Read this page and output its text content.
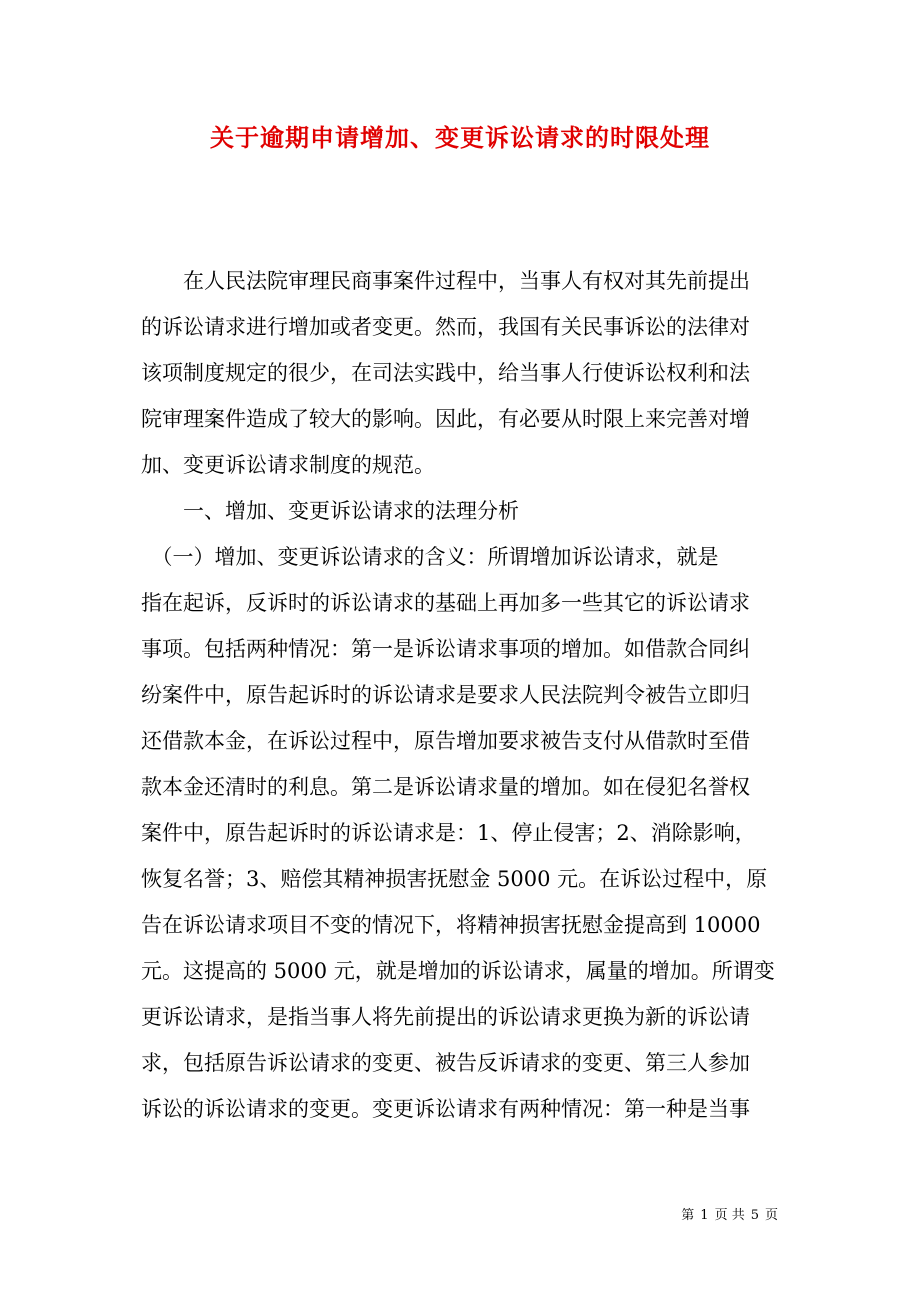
关于逾期申请增加、变更诉讼请求的时限处理
　　在人民法院审理民商事案件过程中，当事人有权对其先前提出
的诉讼请求进行增加或者变更。然而，我国有关民事诉讼的法律对
该项制度规定的很少，在司法实践中，给当事人行使诉讼权利和法
院审理案件造成了较大的影响。因此，有必要从时限上来完善对增
加、变更诉讼请求制度的规范。
　　一、增加、变更诉讼请求的法理分析
　（一）增加、变更诉讼请求的含义：所谓增加诉讼请求，就是
指在起诉，反诉时的诉讼请求的基础上再加多一些其它的诉讼请求
事项。包括两种情况：第一是诉讼请求事项的增加。如借款合同纠
纷案件中，原告起诉时的诉讼请求是要求人民法院判令被告立即归
还借款本金，在诉讼过程中，原告增加要求被告支付从借款时至借
款本金还清时的利息。第二是诉讼请求量的增加。如在侵犯名誉权
案件中，原告起诉时的诉讼请求是：1、停止侵害；2、消除影响，
恢复名誉；3、赔偿其精神损害抚慰金 5000 元。在诉讼过程中，原
告在诉讼请求项目不变的情况下，将精神损害抚慰金提高到 10000
元。这提高的 5000 元，就是增加的诉讼请求，属量的增加。所谓变
更诉讼请求，是指当事人将先前提出的诉讼请求更换为新的诉讼请
求，包括原告诉讼请求的变更、被告反诉请求的变更、第三人参加
诉讼的诉讼请求的变更。变更诉讼请求有两种情况：第一种是当事
第 1 页 共 5 页
